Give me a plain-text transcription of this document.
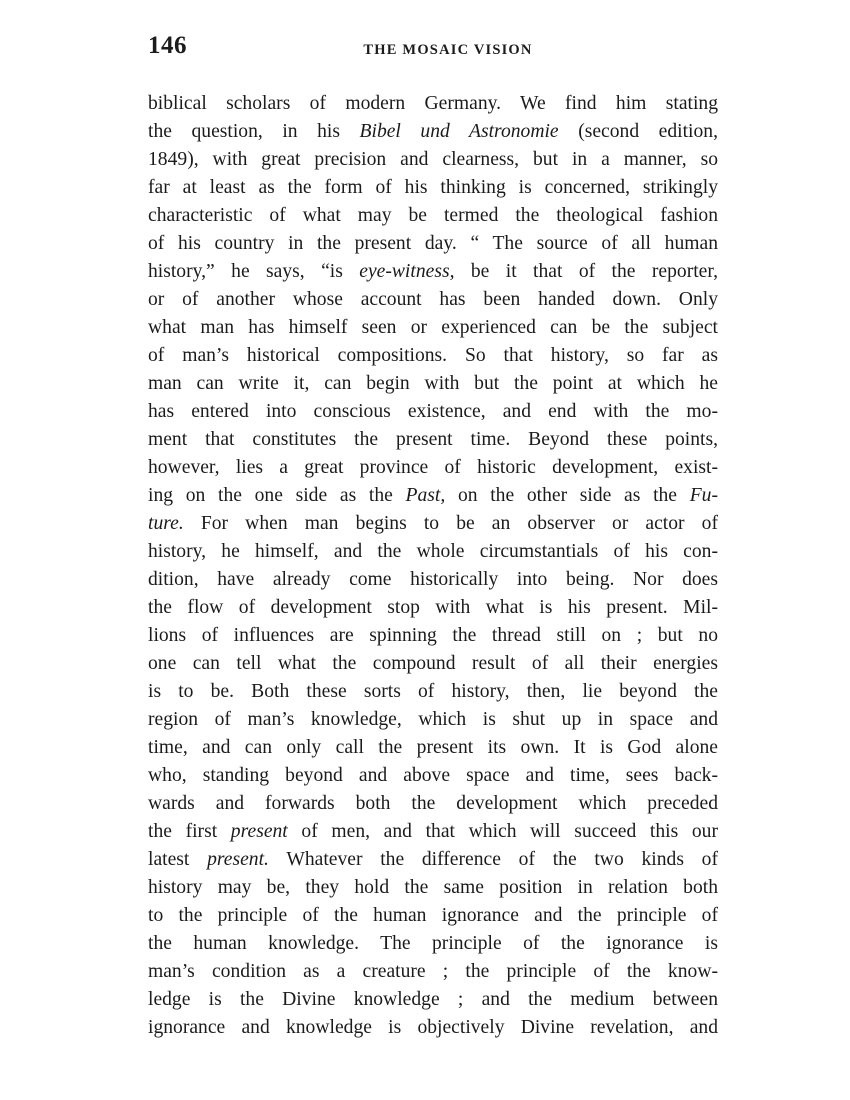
146	THE MOSAIC VISION
biblical scholars of modern Germany. We find him stating
the question, in his Bibel und Astronomie (second edition,
1849), with great precision and clearness, but in a manner, so
far at least as the form of his thinking is concerned, strikingly
characteristic of what may be termed the theological fashion
of his country in the present day. “ The source of all human
history,” he says, “is eye-witness, be it that of the reporter,
or of another whose account has been handed down. Only
what man has himself seen or experienced can be the subject
of man’s historical compositions. So that history, so far as
man can write it, can begin with but the point at which he
has entered into conscious existence, and end with the mo-
ment that constitutes the present time. Beyond these points,
however, lies a great province of historic development, exist-
ing on the one side as the Past, on the other side as the Fu-
ture. For when man begins to be an observer or actor of
history, he himself, and the whole circumstantials of his con-
dition, have already come historically into being. Nor does
the flow of development stop with what is his present. Mil-
lions of influences are spinning the thread still on ; but no
one can tell what the compound result of all their energies
is to be. Both these sorts of history, then, lie beyond the
region of man’s knowledge, which is shut up in space and
time, and can only call the present its own. It is God alone
who, standing beyond and above space and time, sees back-
wards and forwards both the development which preceded
the first present of men, and that which will succeed this our
latest present. Whatever the difference of the two kinds of
history may be, they hold the same position in relation both
to the principle of the human ignorance and the principle of
the human knowledge. The principle of the ignorance is
man’s condition as a creature ; the principle of the know-
ledge is the Divine knowledge ; and the medium between
ignorance and knowledge is objectively Divine revelation, and
